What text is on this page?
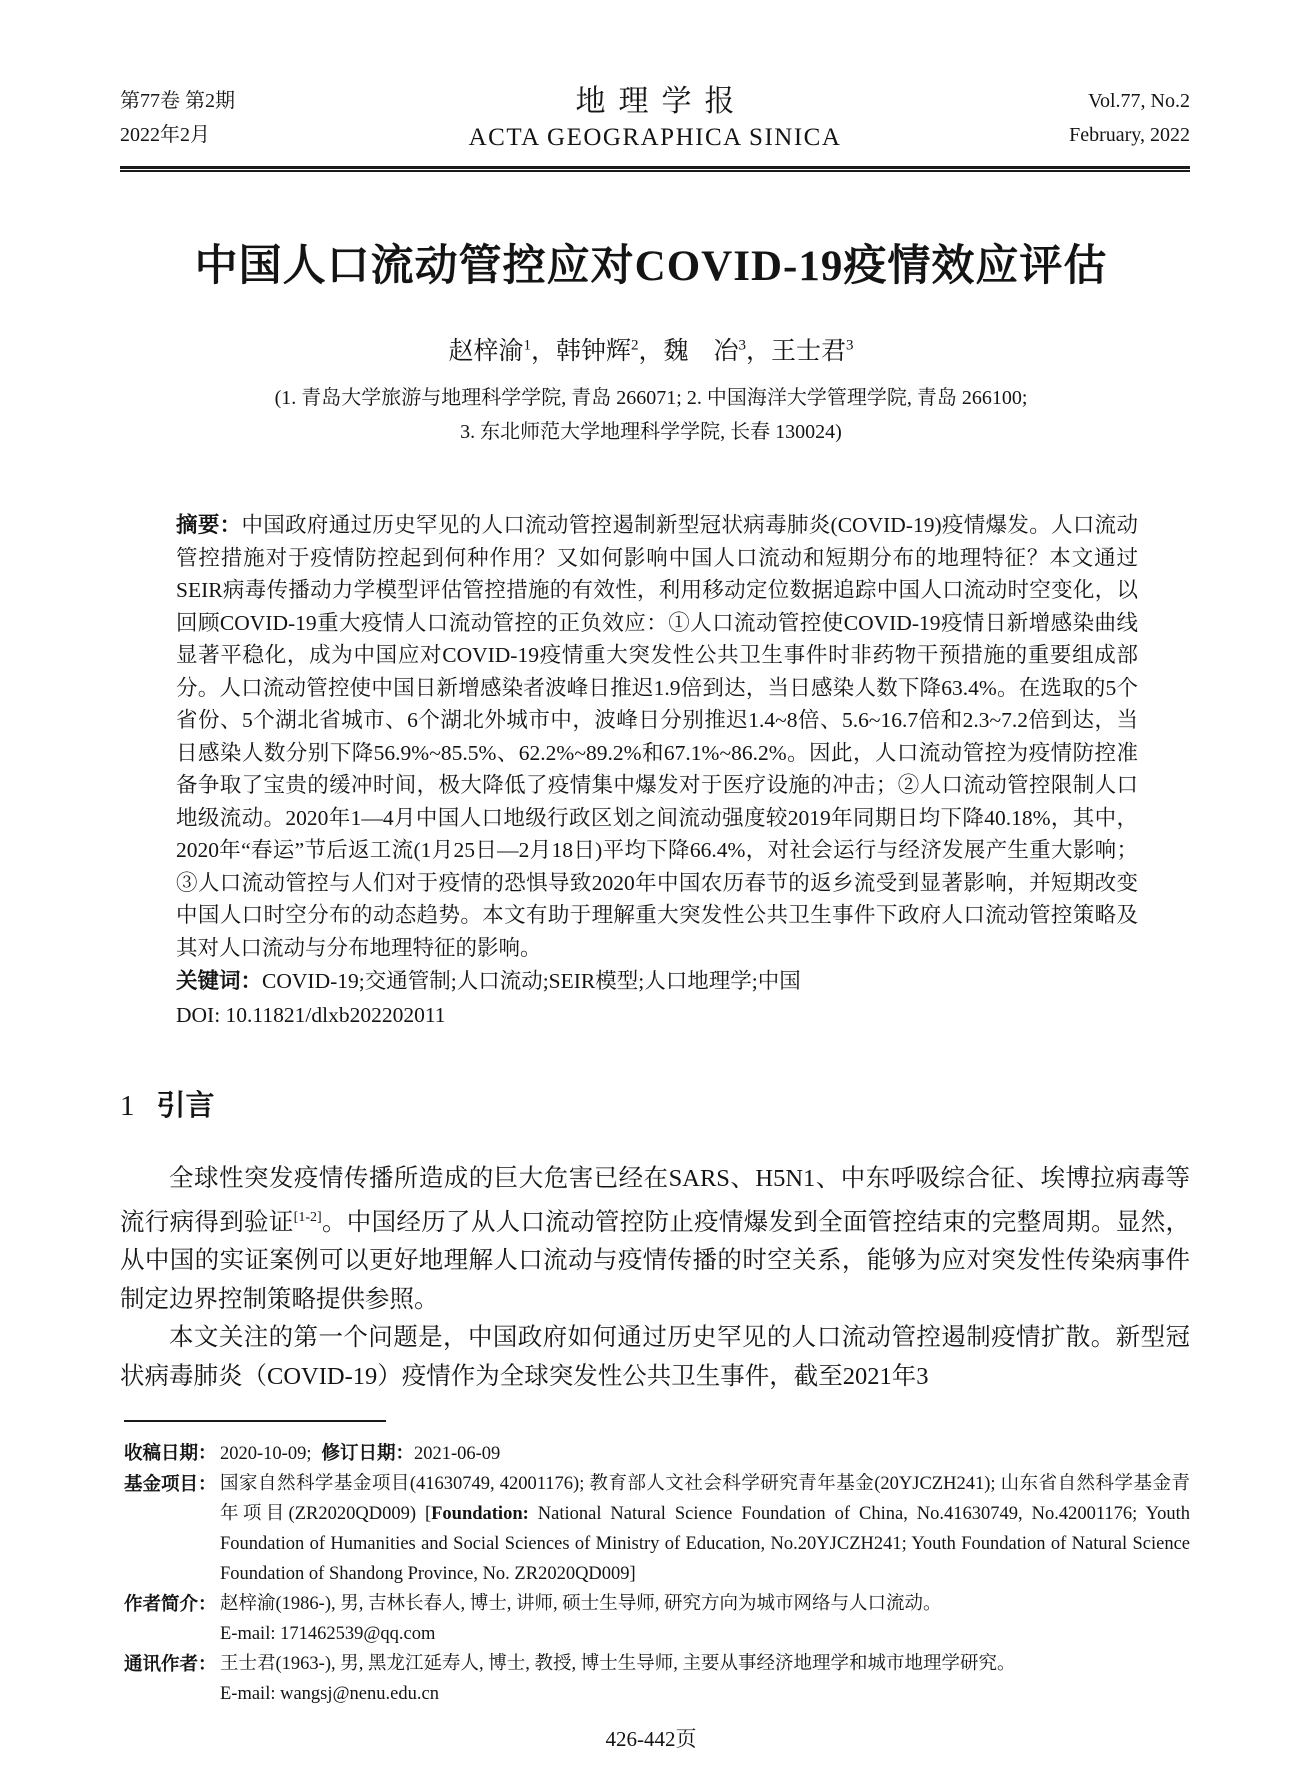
第77卷 第2期
2022年2月
地理学报
ACTA GEOGRAPHICA SINICA
Vol.77, No.2
February, 2022
中国人口流动管控应对COVID-19疫情效应评估
赵梓渝$^1$，韩钟辉$^2$，魏　冶$^3$，王士君$^3$
(1. 青岛大学旅游与地理科学学院, 青岛 266071; 2. 中国海洋大学管理学院, 青岛 266100;
3. 东北师范大学地理科学学院, 长春 130024)
摘要：中国政府通过历史罕见的人口流动管控遏制新型冠状病毒肺炎(COVID-19)疫情爆发。人口流动管控措施对于疫情防控起到何种作用？又如何影响中国人口流动和短期分布的地理特征？本文通过SEIR病毒传播动力学模型评估管控措施的有效性，利用移动定位数据追踪中国人口流动时空变化，以回顾COVID-19重大疫情人口流动管控的正负效应：①人口流动管控使COVID-19疫情日新增感染曲线显著平稳化，成为中国应对COVID-19疫情重大突发性公共卫生事件时非药物干预措施的重要组成部分。人口流动管控使中国日新增感染者波峰日推迟1.9倍到达，当日感染人数下降63.4%。在选取的5个省份、5个湖北省城市、6个湖北外城市中，波峰日分别推迟1.4~8倍、5.6~16.7倍和2.3~7.2倍到达，当日感染人数分别下降56.9%~85.5%、62.2%~89.2%和67.1%~86.2%。因此，人口流动管控为疫情防控准备争取了宝贵的缓冲时间，极大降低了疫情集中爆发对于医疗设施的冲击；②人口流动管控限制人口地级流动。2020年1—4月中国人口地级行政区划之间流动强度较2019年同期日均下降40.18%，其中，2020年“春运”节后返工流(1月25日—2月18日)平均下降66.4%，对社会运行与经济发展产生重大影响；③人口流动管控与人们对于疫情的恐惧导致2020年中国农历春节的返乡流受到显著影响，并短期改变中国人口时空分布的动态趋势。本文有助于理解重大突发性公共卫生事件下政府人口流动管控策略及其对人口流动与分布地理特征的影响。
关键词：COVID-19;交通管制;人口流动;SEIR模型;人口地理学;中国
DOI: 10.11821/dlxb202202011
1 引言

全球性突发疫情传播所造成的巨大危害已经在SARS、H5N1、中东呼吸综合征、埃博拉病毒等流行病得到验证[1-2]。中国经历了从人口流动管控防止疫情爆发到全面管控结束的完整周期。显然，从中国的实证案例可以更好地理解人口流动与疫情传播的时空关系，能够为应对突发性传染病事件制定边界控制策略提供参照。

本文关注的第一个问题是，中国政府如何通过历史罕见的人口流动管控遏制疫情扩散。新型冠状病毒肺炎（COVID-19）疫情作为全球突发性公共卫生事件，截至2021年3

收稿日期： 2020-10-09; 修订日期：2021-06-09
基金项目： 国家自然科学基金项目(41630749, 42001176); 教育部人文社会科学研究青年基金(20YJCZH241); 山东省自然科学基金青年项目(ZR2020QD009) [Foundation: National Natural Science Foundation of China, No.41630749, No.42001176; Youth Foundation of Humanities and Social Sciences of Ministry of Education, No.20YJCZH241; Youth Foundation of Natural Science Foundation of Shandong Province, No. ZR2020QD009]
作者简介： 赵梓渝(1986-), 男, 吉林长春人, 博士, 讲师, 硕士生导师, 研究方向为城市网络与人口流动。
E-mail: 171462539@qq.com
通讯作者： 王士君(1963-), 男, 黑龙江延寿人, 博士, 教授, 博士生导师, 主要从事经济地理学和城市地理学研究。
E-mail: wangsj@nenu.edu.cn
426-442页
